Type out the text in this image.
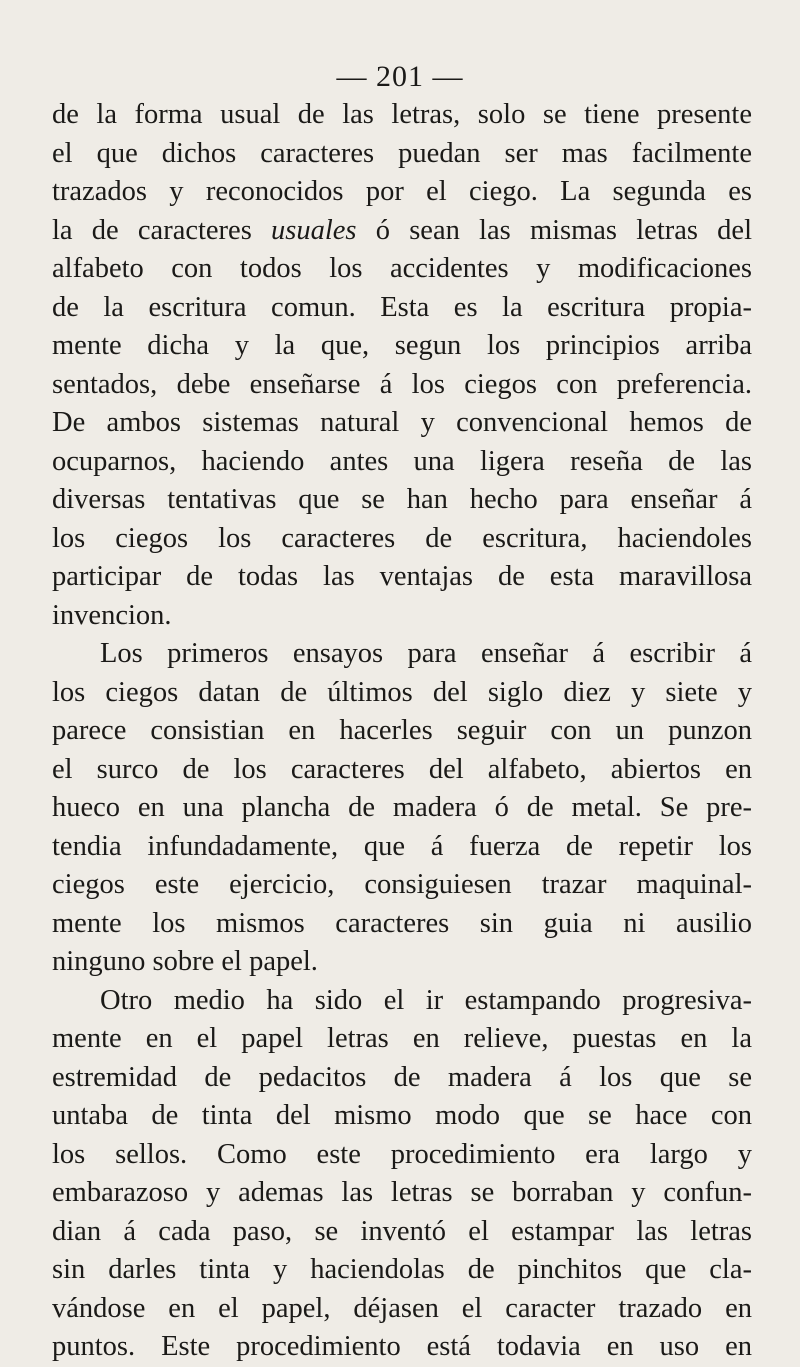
— 201 —
de la forma usual de las letras, solo se tiene presente
el que dichos caracteres puedan ser mas facilmente
trazados y reconocidos por el ciego. La segunda es
la de caracteres usuales ó sean las mismas letras del
alfabeto con todos los accidentes y modificaciones
de la escritura comun. Esta es la escritura propia-
mente dicha y la que, segun los principios arriba
sentados, debe enseñarse á los ciegos con preferencia.
De ambos sistemas natural y convencional hemos de
ocuparnos, haciendo antes una ligera reseña de las
diversas tentativas que se han hecho para enseñar á
los ciegos los caracteres de escritura, haciendoles
participar de todas las ventajas de esta maravillosa
invencion.
Los primeros ensayos para enseñar á escribir á
los ciegos datan de últimos del siglo diez y siete y
parece consistian en hacerles seguir con un punzon
el surco de los caracteres del alfabeto, abiertos en
hueco en una plancha de madera ó de metal. Se pre-
tendia infundadamente, que á fuerza de repetir los
ciegos este ejercicio, consiguiesen trazar maquinal-
mente los mismos caracteres sin guia ni ausilio
ninguno sobre el papel.
Otro medio ha sido el ir estampando progresiva-
mente en el papel letras en relieve, puestas en la
estremidad de pedacitos de madera á los que se
untaba de tinta del mismo modo que se hace con
los sellos. Como este procedimiento era largo y
embarazoso y ademas las letras se borraban y confun-
dian á cada paso, se inventó el estampar las letras
sin darles tinta y haciendolas de pinchitos que cla-
vándose en el papel, déjasen el caracter trazado en
puntos. Este procedimiento está todavia en uso en
